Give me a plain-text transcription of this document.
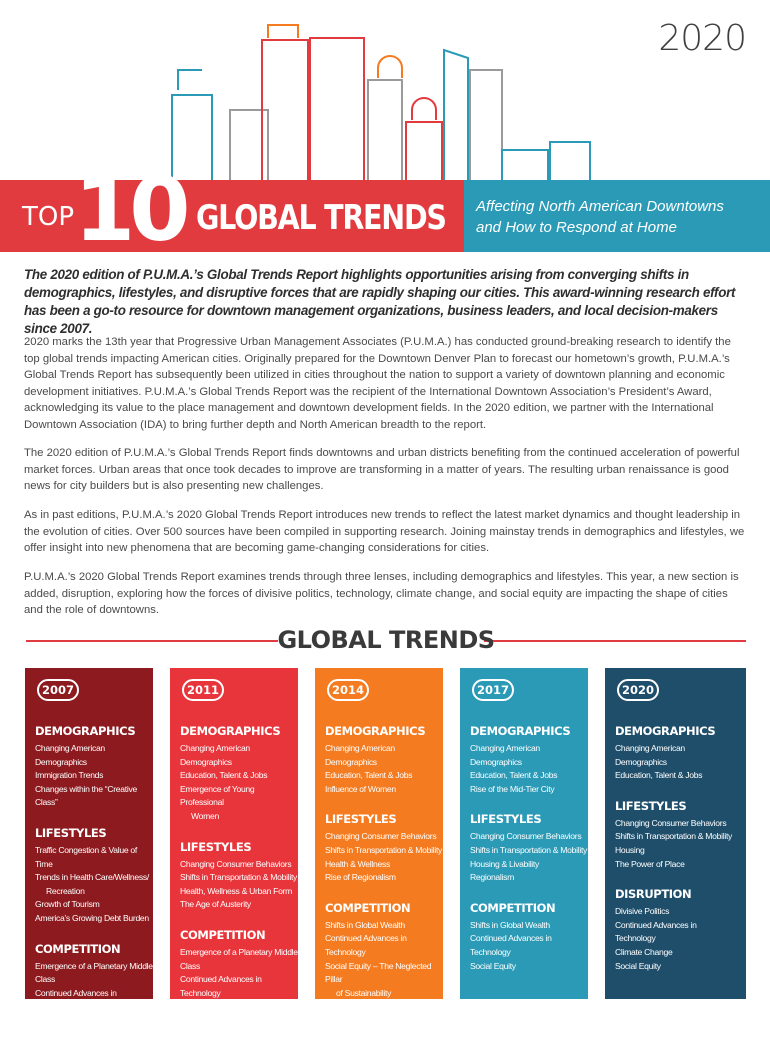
2020
TOP 10 GLOBAL TRENDS Affecting North American Downtowns
and How to Respond at Home
The 2020 edition of P.U.M.A.’s Global Trends Report highlights opportunities arising from converging shifts in demographics, lifestyles, and disruptive forces that are rapidly shaping our cities. This award-winning research effort has been a go-to resource for downtown management organizations, business leaders, and local decision-makers since 2007.
2020 marks the 13th year that Progressive Urban Management Associates (P.U.M.A.) has conducted ground-breaking research to identify the top global trends impacting American cities. Originally prepared for the Downtown Denver Plan to forecast our hometown’s growth, P.U.M.A.’s Global Trends Report has subsequently been utilized in cities throughout the nation to support a variety of downtown planning and economic development initiatives. P.U.M.A.’s Global Trends Report was the recipient of the International Downtown Association’s President’s Award, acknowledging its value to the place management and downtown development fields. In the 2020 edition, we partner with the International Downtown Association (IDA) to bring further depth and North American breadth to the report.
The 2020 edition of P.U.M.A.’s Global Trends Report finds downtowns and urban districts benefiting from the continued acceleration of powerful market forces. Urban areas that once took decades to improve are transforming in a matter of years. The resulting urban renaissance is good news for city builders but is also presenting new challenges.
As in past editions, P.U.M.A.’s 2020 Global Trends Report introduces new trends to reflect the latest market dynamics and thought leadership in the evolution of cities. Over 500 sources have been compiled in supporting research. Joining mainstay trends in demographics and lifestyles, we offer insight into new phenomena that are becoming game-changing considerations for cities.
P.U.M.A.’s 2020 Global Trends Report examines trends through three lenses, including demographics and lifestyles. This year, a new section is added, disruption, exploring how the forces of divisive politics, technology, climate change, and social equity are impacting the shape of cities and the role of downtowns.
GLOBAL TRENDS
2007
DEMOGRAPHICS
Changing American Demographics
Immigration Trends
Changes within the “Creative Class”
LIFESTYLES
Traffic Congestion & Value of Time
Trends in Health Care/Wellness/
Recreation
Growth of Tourism
America’s Growing Debt Burden
COMPETITION
Emergence of a Planetary Middle Class
Continued Advances in Technology,
Environmentalism, Sustainability,
Climate Change
2011
DEMOGRAPHICS
Changing American Demographics
Education, Talent & Jobs
Emergence of Young Professional
Women
LIFESTYLES
Changing Consumer Behaviors
Shifts in Transportation & Mobility
Health, Wellness & Urban Form
The Age of Austerity
COMPETITION
Emergence of a Planetary Middle Class
Continued Advances in Technology
Sustainability Mainstreamed
2014
DEMOGRAPHICS
Changing American Demographics
Education, Talent & Jobs
Influence of Women
LIFESTYLES
Changing Consumer Behaviors
Shifts in Transportation & Mobility
Health & Wellness
Rise of Regionalism
COMPETITION
Shifts in Global Wealth
Continued Advances in Technology
Social Equity – The Neglected Pillar
of Sustainability
2017
DEMOGRAPHICS
Changing American Demographics
Education, Talent & Jobs
Rise of the Mid-Tier City
LIFESTYLES
Changing Consumer Behaviors
Shifts in Transportation & Mobility
Housing & Livability
Regionalism
COMPETITION
Shifts in Global Wealth
Continued Advances in Technology
Social Equity
2020
DEMOGRAPHICS
Changing American Demographics
Education, Talent & Jobs
LIFESTYLES
Changing Consumer Behaviors
Shifts in Transportation & Mobility
Housing
The Power of Place
DISRUPTION
Divisive Politics
Continued Advances in Technology
Climate Change
Social Equity
